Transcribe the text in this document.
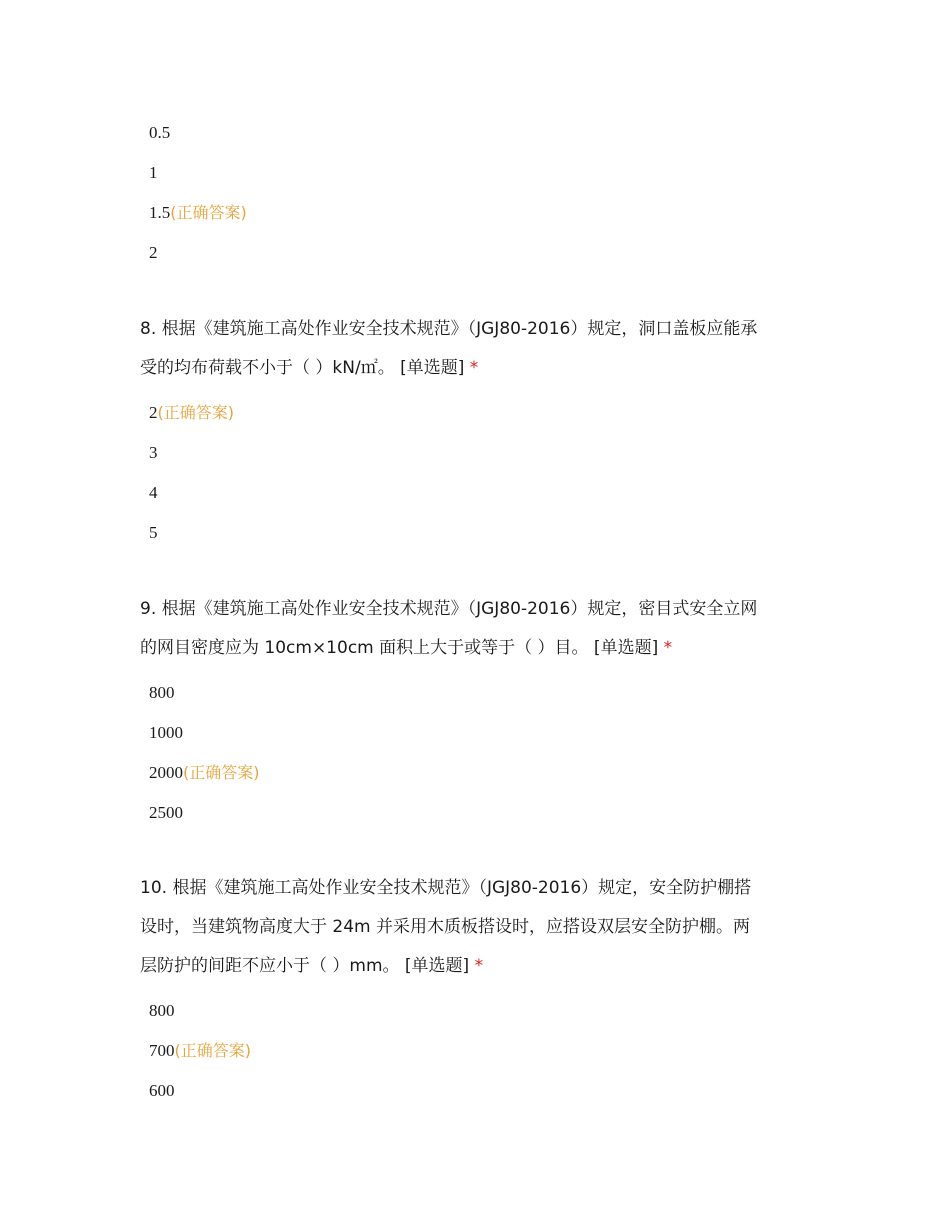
0.5
1
1.5(正确答案)
2
8. 根据《建筑施工高处作业安全技术规范》（JGJ80-2016）规定，洞口盖板应能承
受的均布荷载不小于（ ）kN/㎡。 [单选题] *
2(正确答案)
3
4
5
9. 根据《建筑施工高处作业安全技术规范》（JGJ80-2016）规定，密目式安全立网
的网目密度应为 10cm×10cm 面积上大于或等于（ ）目。 [单选题] *
800
1000
2000(正确答案)
2500
10. 根据《建筑施工高处作业安全技术规范》（JGJ80-2016）规定，安全防护棚搭
设时，当建筑物高度大于 24m 并采用木质板搭设时，应搭设双层安全防护棚。两
层防护的间距不应小于（ ）mm。 [单选题] *
800
700(正确答案)
600
